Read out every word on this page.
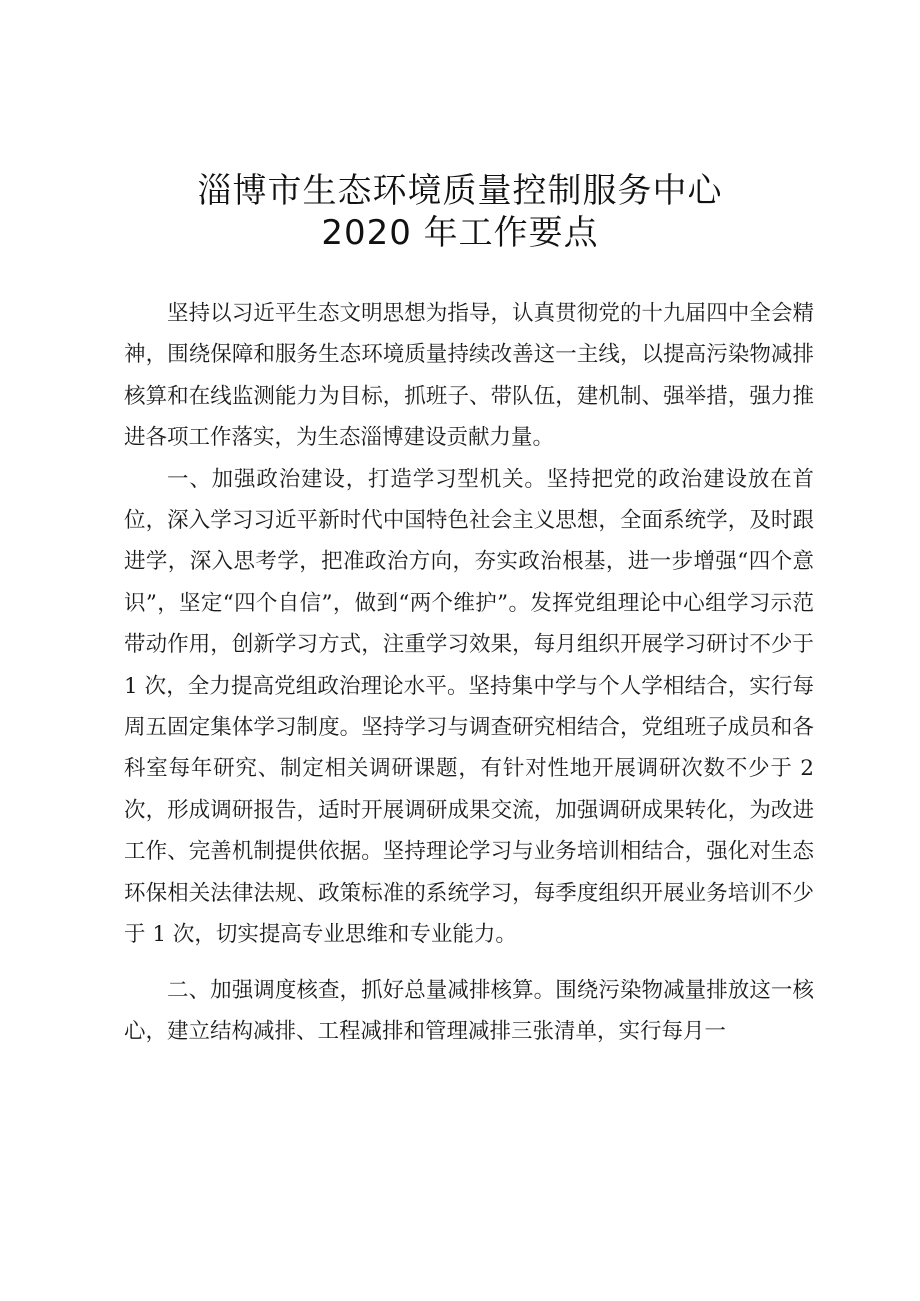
淄博市生态环境质量控制服务中心
2020 年工作要点

坚持以习近平生态文明思想为指导，认真贯彻党的十九届四中全会精神，围绕保障和服务生态环境质量持续改善这一主线，以提高污染物减排核算和在线监测能力为目标，抓班子、带队伍，建机制、强举措，强力推进各项工作落实，为生态淄博建设贡献力量。

一、加强政治建设，打造学习型机关。坚持把党的政治建设放在首位，深入学习习近平新时代中国特色社会主义思想，全面系统学，及时跟进学，深入思考学，把准政治方向，夯实政治根基，进一步增强“四个意识”，坚定“四个自信”，做到“两个维护”。发挥党组理论中心组学习示范带动作用，创新学习方式，注重学习效果，每月组织开展学习研讨不少于 1 次，全力提高党组政治理论水平。坚持集中学与个人学相结合，实行每周五固定集体学习制度。坚持学习与调查研究相结合，党组班子成员和各科室每年研究、制定相关调研课题，有针对性地开展调研次数不少于 2 次，形成调研报告，适时开展调研成果交流，加强调研成果转化，为改进工作、完善机制提供依据。坚持理论学习与业务培训相结合，强化对生态环保相关法律法规、政策标准的系统学习，每季度组织开展业务培训不少于 1 次，切实提高专业思维和专业能力。

二、加强调度核查，抓好总量减排核算。围绕污染物减量排放这一核心，建立结构减排、工程减排和管理减排三张清单，实行每月一
